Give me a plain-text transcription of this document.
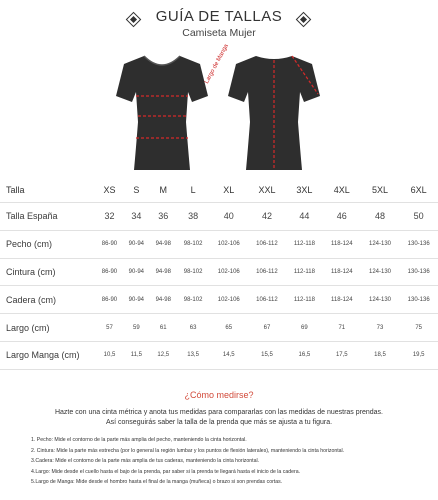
GUÍA DE TALLAS
Camiseta Mujer
Largo de Manga
Talla	XS	S	M	L	XL	XXL	3XL	4XL	5XL	6XL
Talla España	32	34	36	38	40	42	44	46	48	50
Pecho (cm)	86-90	90-94	94-98	98-102	102-106	106-112	112-118	118-124	124-130	130-136
Cintura (cm)	86-90	90-94	94-98	98-102	102-106	106-112	112-118	118-124	124-130	130-136
Cadera (cm)	86-90	90-94	94-98	98-102	102-106	106-112	112-118	118-124	124-130	130-136
Largo (cm)	57	59	61	63	65	67	69	71	73	75
Largo Manga (cm)	10,5	11,5	12,5	13,5	14,5	15,5	16,5	17,5	18,5	19,5
¿Cómo medirse?
Hazte con una cinta métrica y anota tus medidas para compararlas con las medidas de nuestras prendas.
Así conseguirás saber la talla de la prenda que más se ajusta a tu figura.
1. Pecho: Mide el contorno de la parte más amplia del pecho, manteniendo la cinta horizontal.
2. Cintura: Mide la parte más estrecha (por lo general la región lumbar y los puntos de flexión laterales), manteniendo la cinta horizontal.
3.Cadera: Mide el contorno de la parte más amplia de tus caderas, manteniendo la cinta horizontal.
4.Largo: Mide desde el cuello hasta el bajo de la prenda, par saber si la prenda te llegará hasta el inicio de la cadera.
5.Largo de Manga: Mide desde el hombro hasta el final de la manga (muñeca) o brazo si son prendas cortas.
